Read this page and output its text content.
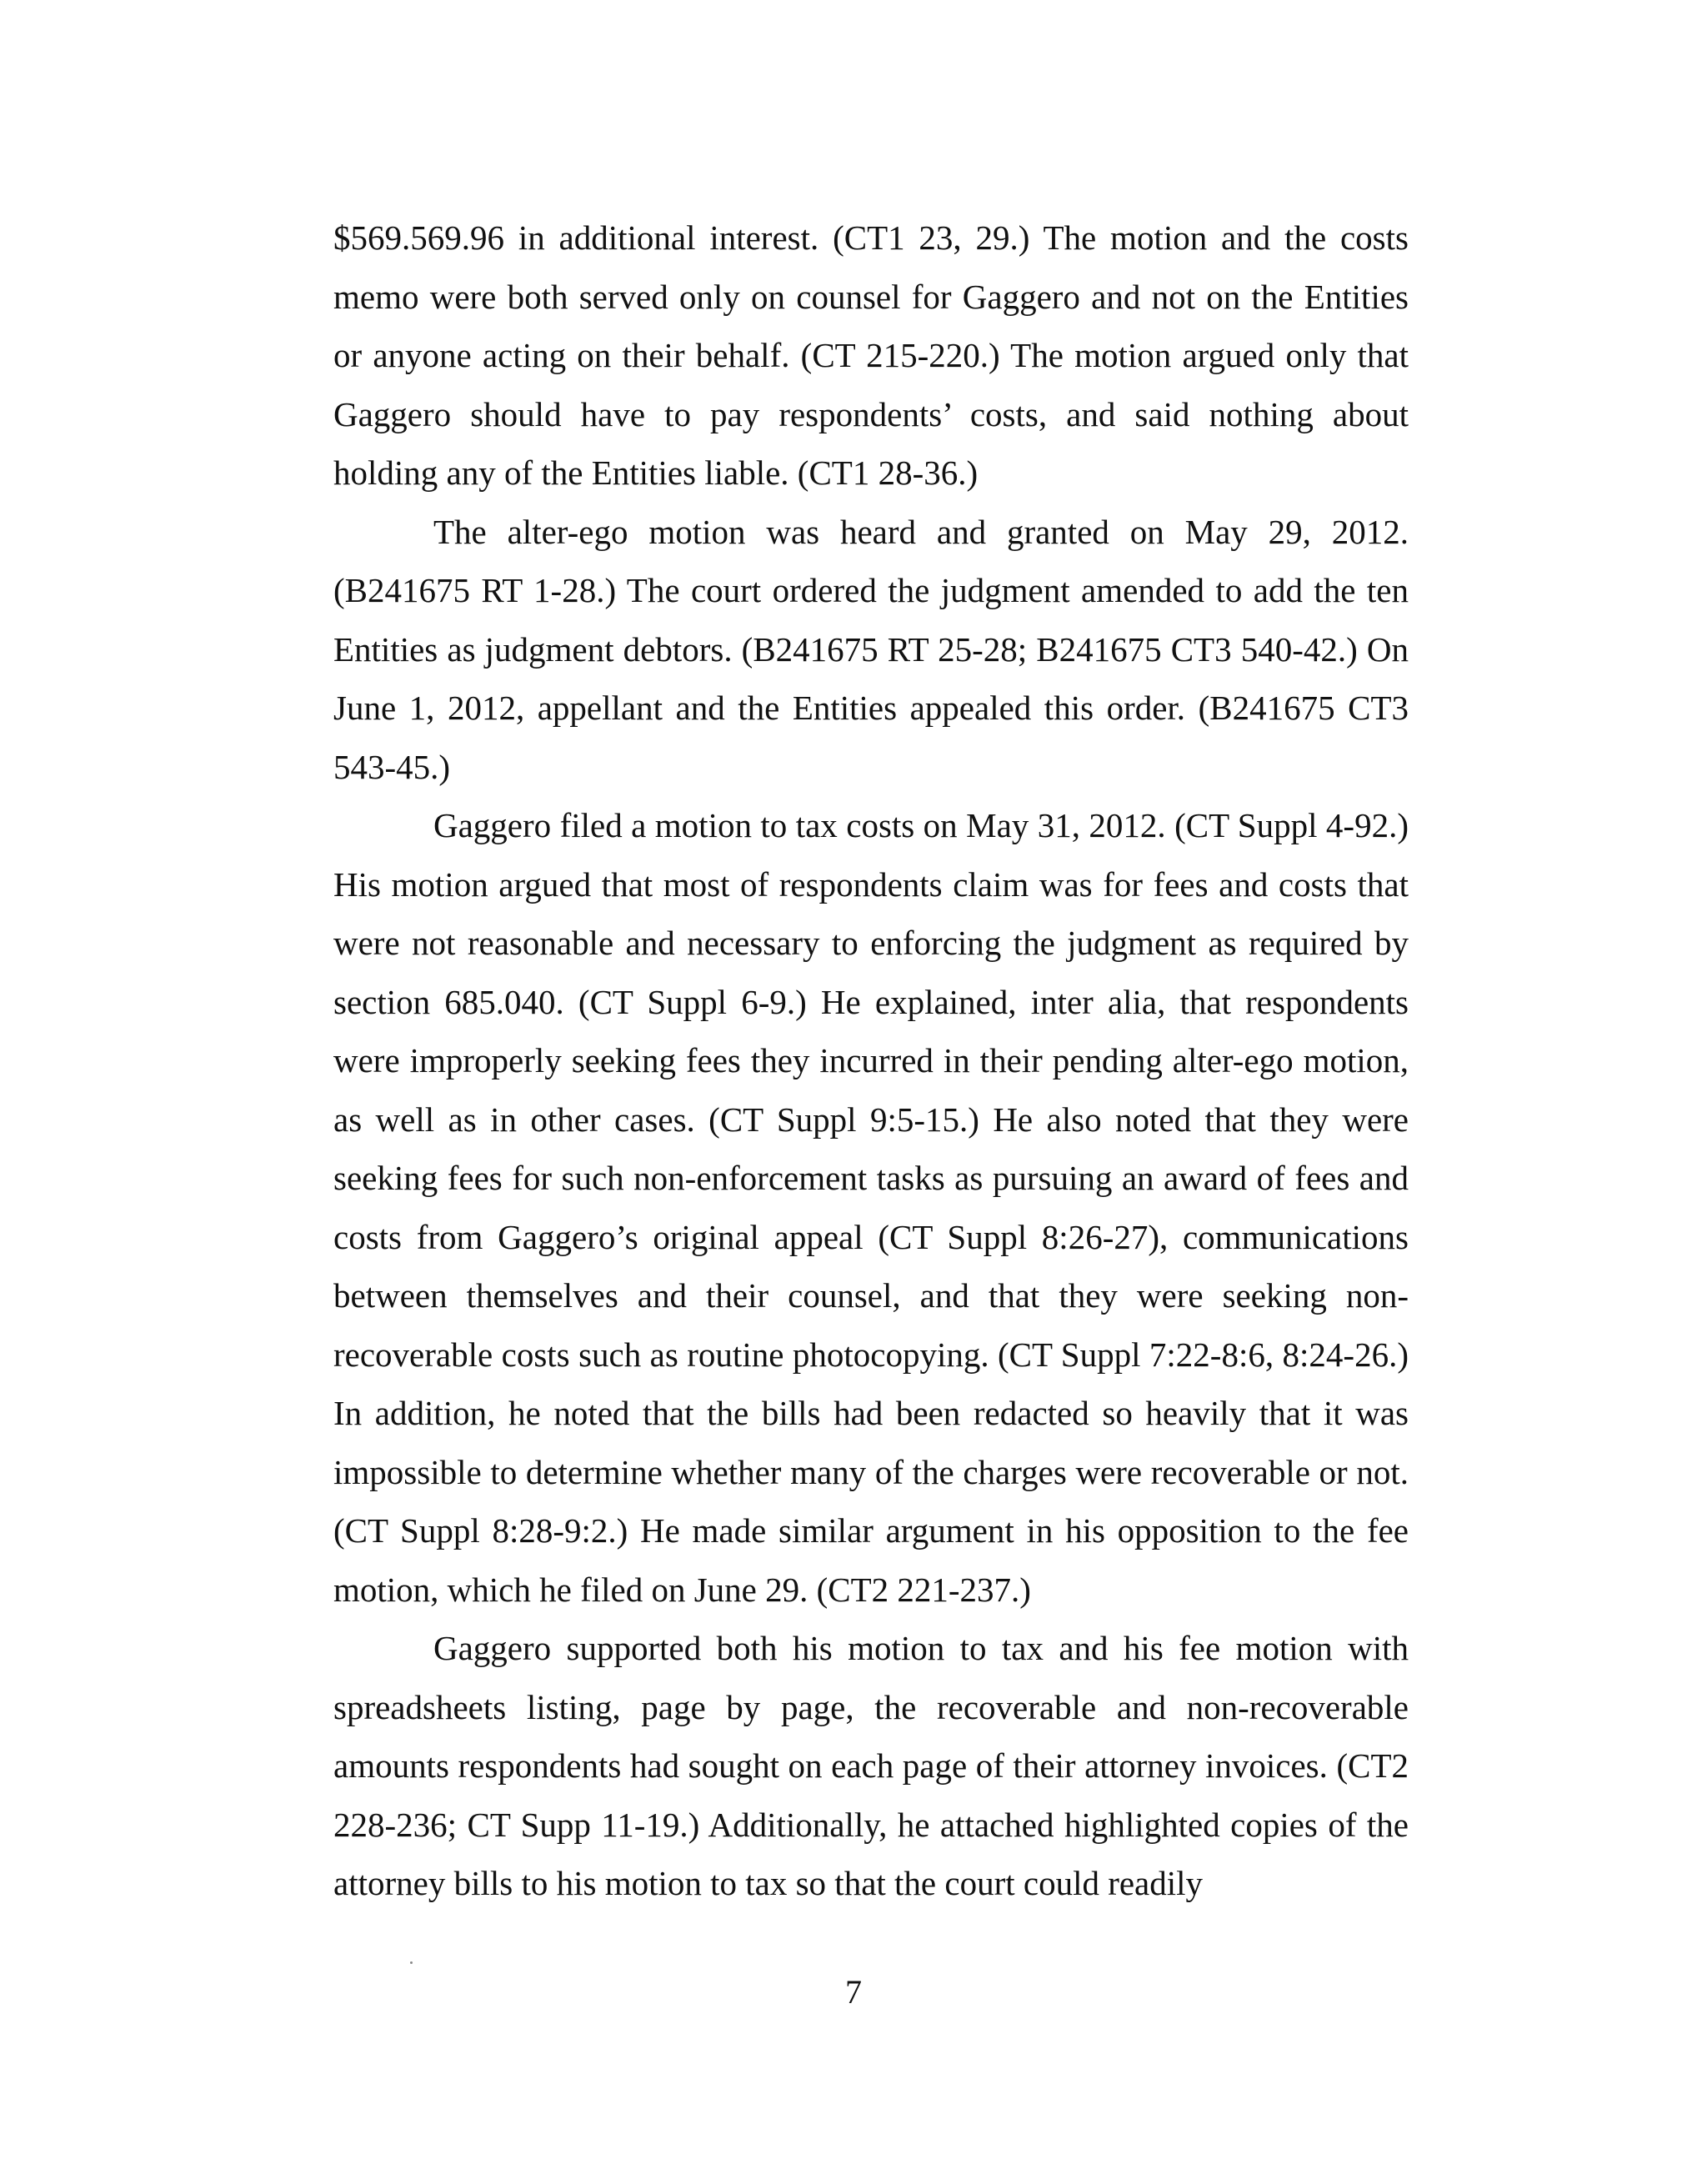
$569.569.96 in additional interest. (CT1 23, 29.) The motion and the costs memo were both served only on counsel for Gaggero and not on the Entities or anyone acting on their behalf. (CT 215-220.) The motion argued only that Gaggero should have to pay respondents’ costs, and said nothing about holding any of the Entities liable. (CT1 28-36.)

The alter-ego motion was heard and granted on May 29, 2012. (B241675 RT 1-28.) The court ordered the judgment amended to add the ten Entities as judgment debtors. (B241675 RT 25-28; B241675 CT3 540-42.) On June 1, 2012, appellant and the Entities appealed this order. (B241675 CT3 543-45.)

Gaggero filed a motion to tax costs on May 31, 2012. (CT Suppl 4-92.) His motion argued that most of respondents claim was for fees and costs that were not reasonable and necessary to enforcing the judgment as required by section 685.040. (CT Suppl 6-9.) He explained, inter alia, that respondents were improperly seeking fees they incurred in their pending alter-ego motion, as well as in other cases. (CT Suppl 9:5-15.) He also noted that they were seeking fees for such non-enforcement tasks as pursuing an award of fees and costs from Gaggero’s original appeal (CT Suppl 8:26-27), communications between themselves and their counsel, and that they were seeking non-recoverable costs such as routine photocopying. (CT Suppl 7:22-8:6, 8:24-26.) In addition, he noted that the bills had been redacted so heavily that it was impossible to determine whether many of the charges were recoverable or not. (CT Suppl 8:28-9:2.) He made similar argument in his opposition to the fee motion, which he filed on June 29. (CT2 221-237.)

Gaggero supported both his motion to tax and his fee motion with spreadsheets listing, page by page, the recoverable and non-recoverable amounts respondents had sought on each page of their attorney invoices. (CT2 228-236; CT Supp 11-19.) Additionally, he attached highlighted copies of the attorney bills to his motion to tax so that the court could readily

7
